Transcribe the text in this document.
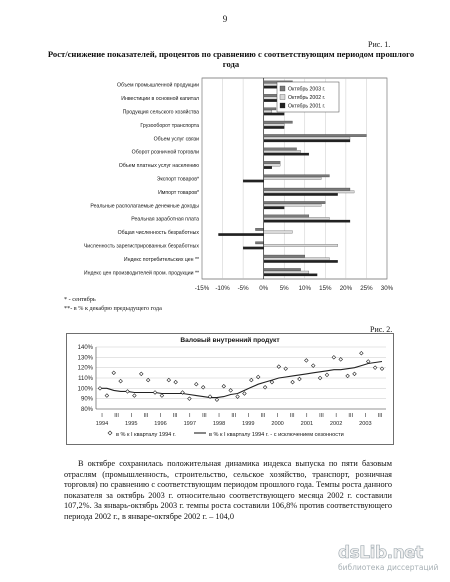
9
Рис. 1.
Рост/снижение показателей, процентов по сравнению с соответствующим периодом прошлого года
-15% -10% -5% 0% 5% 10% 15% 20% 25% 30%
Объем промышленной продукции
Инвестиции в основной капитал
Продукция сельского хозяйства
Грузооборот транспорта
Объем услуг связи
Оборот розничной торговли
Объем платных услуг населению
Экспорт товаров*
Импорт товаров*
Реальные располагаемые денежные доходы
Реальная заработная плата
Общая численность безработных
Численность зарегистрированных безработных
Индекс потребительских цен **
Индекс цен производителей пром. продукции **
Октябрь 2003 г.
Октябрь 2002 г.
Октябрь 2001 г.
* - сентябрь
**- в % к декабрю предыдущего года
Рис. 2.
Валовый внутренний продукт
80%
90%
100%
110%
120%
130%
140%
I III I III I III I III I III I III I III I III I III I III
1994	1995	1996	1997	1998	1999	2000	2001	2002	2003
в % к I кварталу 1994 г.	в % к I кварталу 1994 г. - с исключением сезонности
В октябре сохранилась положительная динамика индекса выпуска по пяти базовым отраслям (промышленность, строительство, сельское хозяйство, транспорт, розничная торговля) по сравнению с соответствующим периодом прошлого года. Темпы роста данного показателя за октябрь 2003 г. относительно соответствующего месяца 2002 г. составили 107,2%. За январь-октябрь 2003 г. темпы роста составили 106,8% против соответствующего периода 2002 г., в январе-октябре 2002 г. – 104,0
dsLib.net
библиотека диссертаций
